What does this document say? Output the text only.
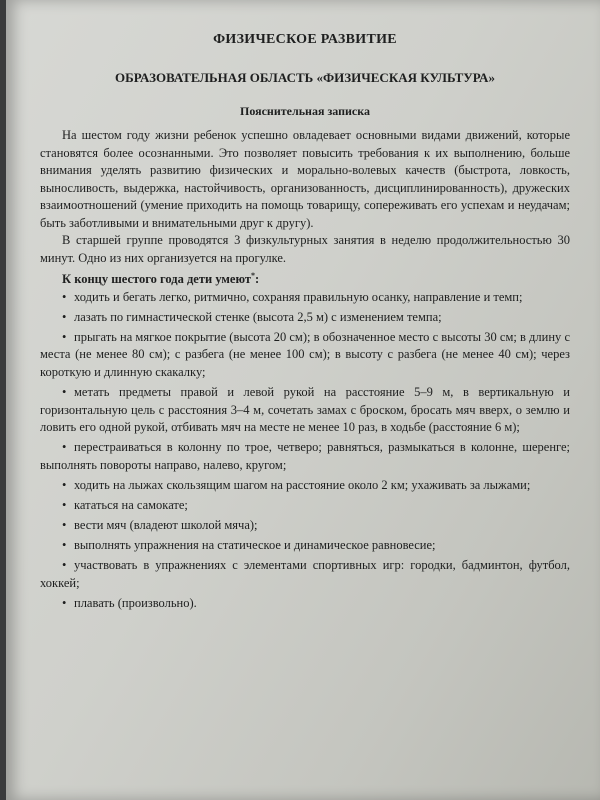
ФИЗИЧЕСКОЕ РАЗВИТИЕ
ОБРАЗОВАТЕЛЬНАЯ ОБЛАСТЬ «ФИЗИЧЕСКАЯ КУЛЬТУРА»
Пояснительная записка

На шестом году жизни ребенок успешно овладевает основными видами движений, которые становятся более осознанными. Это позволяет повысить требования к их выполнению, больше внимания уделять развитию физических и морально-волевых качеств (быстрота, ловкость, выносливость, выдержка, настойчивость, организованность, дисциплинированность), дружеских взаимоотношений (умение приходить на помощь товарищу, сопереживать его успехам и неудачам; быть заботливыми и внимательными друг к другу).

В старшей группе проводятся 3 физкультурных занятия в неделю продолжительностью 30 минут. Одно из них организуется на прогулке.

К концу шестого года дети умеют*:

• ходить и бегать легко, ритмично, сохраняя правильную осанку, направление и темп;
• лазать по гимнастической стенке (высота 2,5 м) с изменением темпа;
• прыгать на мягкое покрытие (высота 20 см); в обозначенное место с высоты 30 см; в длину с места (не менее 80 см); с разбега (не менее 100 см); в высоту с разбега (не менее 40 см); через короткую и длинную скакалку;
• метать предметы правой и левой рукой на расстояние 5–9 м, в вертикальную и горизонтальную цель с расстояния 3–4 м, сочетать замах с броском, бросать мяч вверх, о землю и ловить его одной рукой, отбивать мяч на месте не менее 10 раз, в ходьбе (расстояние 6 м);
• перестраиваться в колонну по трое, четверо; равняться, размыкаться в колонне, шеренге; выполнять повороты направо, налево, кругом;
• ходить на лыжах скользящим шагом на расстояние около 2 км; ухаживать за лыжами;
• кататься на самокате;
• вести мяч (владеют школой мяча);
• выполнять упражнения на статическое и динамическое равновесие;
• участвовать в упражнениях с элементами спортивных игр: городки, бадминтон, футбол, хоккей;
• плавать (произвольно).
